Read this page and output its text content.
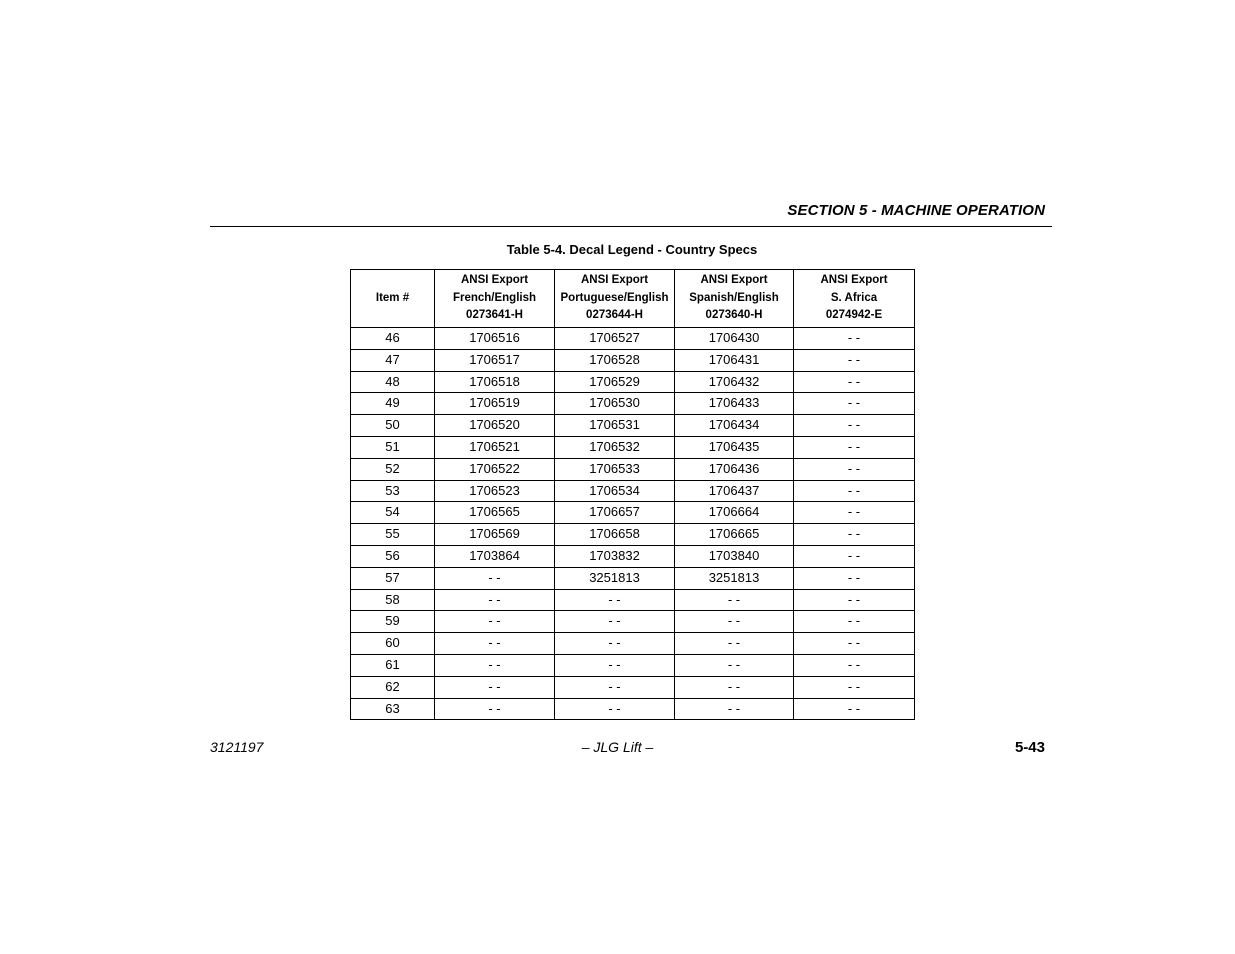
SECTION 5 - MACHINE OPERATION
Table 5-4. Decal Legend - Country Specs
Item #	ANSI Export
French/English
0273641-H	ANSI Export
Portuguese/English
0273644-H	ANSI Export
Spanish/English
0273640-H	ANSI Export
S. Africa
0274942-E

46	1706516	1706527	1706430	- -
47	1706517	1706528	1706431	- -
48	1706518	1706529	1706432	- -
49	1706519	1706530	1706433	- -
50	1706520	1706531	1706434	- -
51	1706521	1706532	1706435	- -
52	1706522	1706533	1706436	- -
53	1706523	1706534	1706437	- -
54	1706565	1706657	1706664	- -
55	1706569	1706658	1706665	- -
56	1703864	1703832	1703840	- -
57	- -	3251813	3251813	- -
58	- -	- -	- -	- -
59	- -	- -	- -	- -
60	- -	- -	- -	- -
61	- -	- -	- -	- -
62	- -	- -	- -	- -
63	- -	- -	- -	- -
3121197	– JLG Lift –	5-43
